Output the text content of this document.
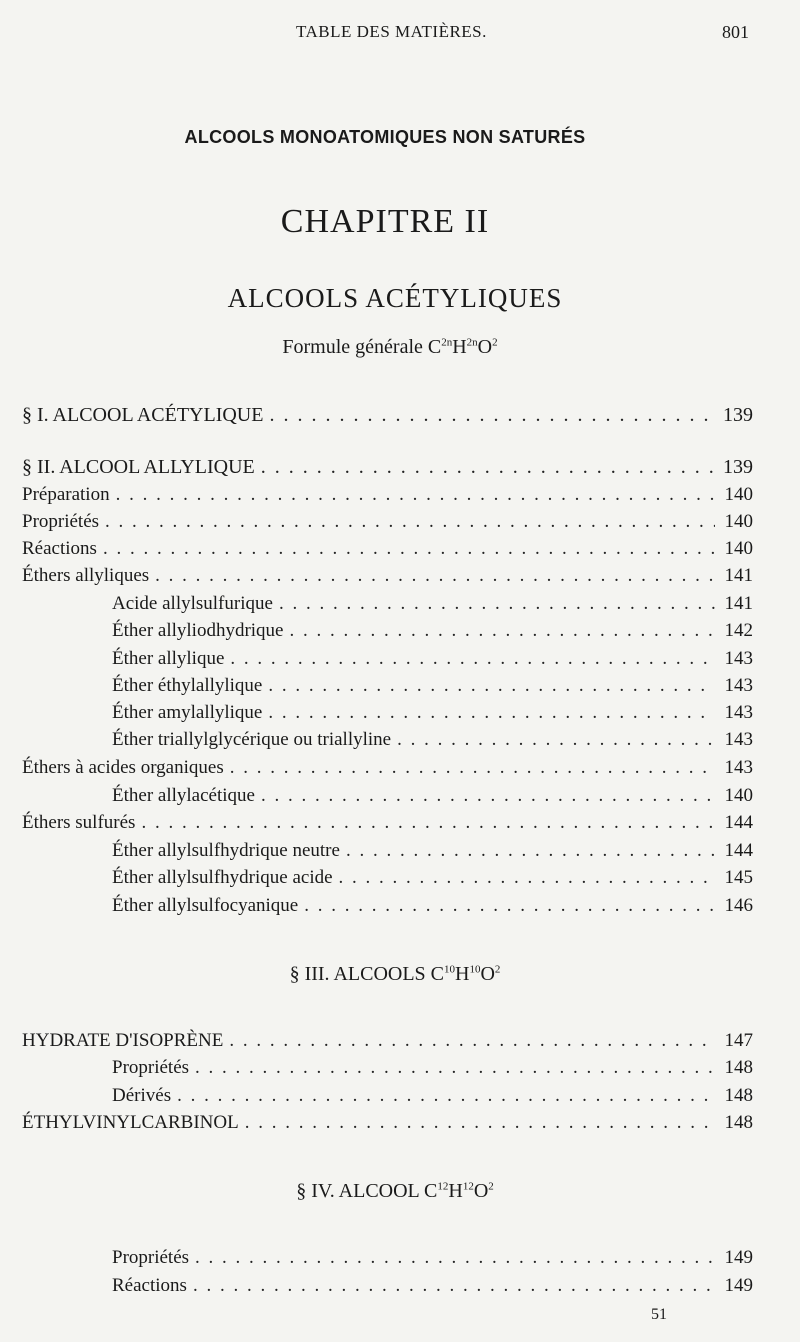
TABLE DES MATIÈRES.	801
ALCOOLS MONOATOMIQUES NON SATURÉS
CHAPITRE II
ALCOOLS ACÉTYLIQUES
Formule générale $C^{2n}H^{2n}O^2$
§ I. ALCOOL ACÉTYLIQUE . . .	139
§ II. ALCOOL ALLYLIQUE . . .	139
Préparation . . .	140
Propriétés . . .	140
Réactions . . .	140
Éthers allyliques . . .	141
Acide allylsulfurique . . .	141
Éther allyliodhydrique . . .	142
Éther allylique . . .	143
Éther éthylallylique . . .	143
Éther amylallylique . . .	143
Éther triallylglycérique ou triallyline . . .	143
Éthers à acides organiques . . .	143
Éther allylacétique . . .	140
Éthers sulfurés . . .	144
Éther allylsulfhydrique neutre . . .	144
Éther allylsulfhydrique acide . . .	145
Éther allylsulfocyanique . . .	146
§ III. ALCOOLS $C^{10}H^{10}O^2$
HYDRATE D'ISOPRÈNE . . .	147
Propriétés . . .	148
Dérivés . . .	148
ÉTHYLVINYLCARBINOL . . .	148
§ IV. ALCOOL $C^{12}H^{12}O^2$
Propriétés . . .	149
Réactions . . .	149
51
